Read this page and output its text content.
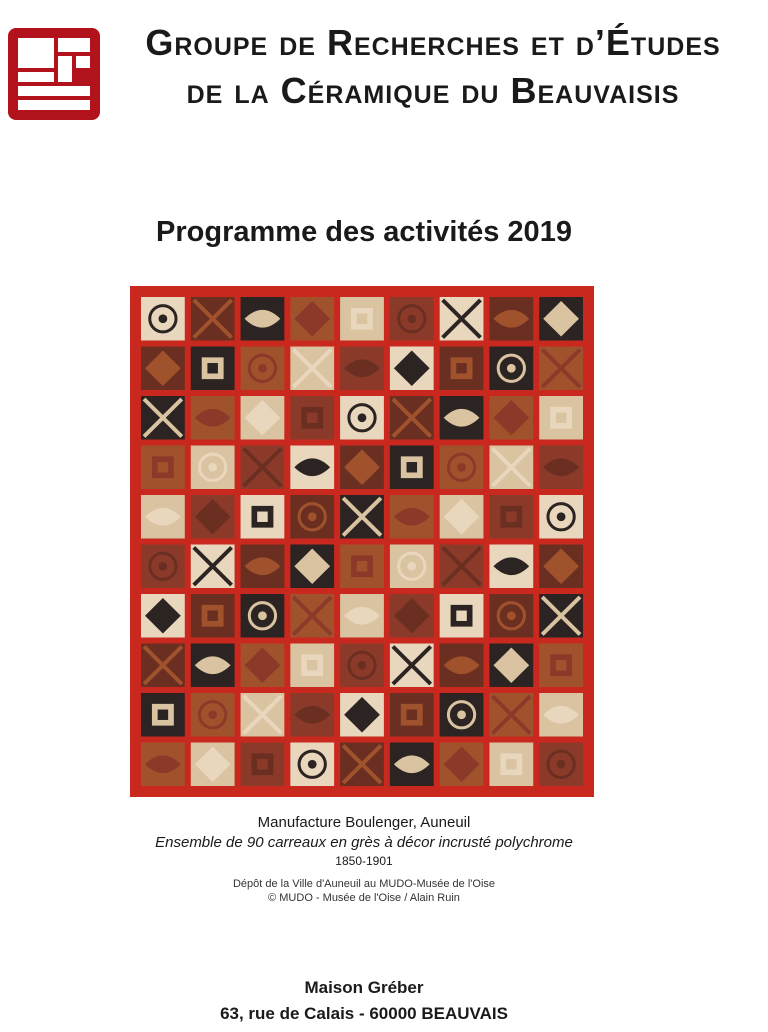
Groupe de Recherches et d’Études
de la Céramique du Beauvaisis
Programme des activités 2019
Manufacture Boulenger, Auneuil
Ensemble de 90 carreaux en grès à décor incrusté polychrome
1850-1901
Dépôt de la Ville d'Auneuil au MUDO-Musée de l'Oise
© MUDO - Musée de l'Oise / Alain Ruin
Maison Gréber
63, rue de Calais - 60000 BEAUVAIS
